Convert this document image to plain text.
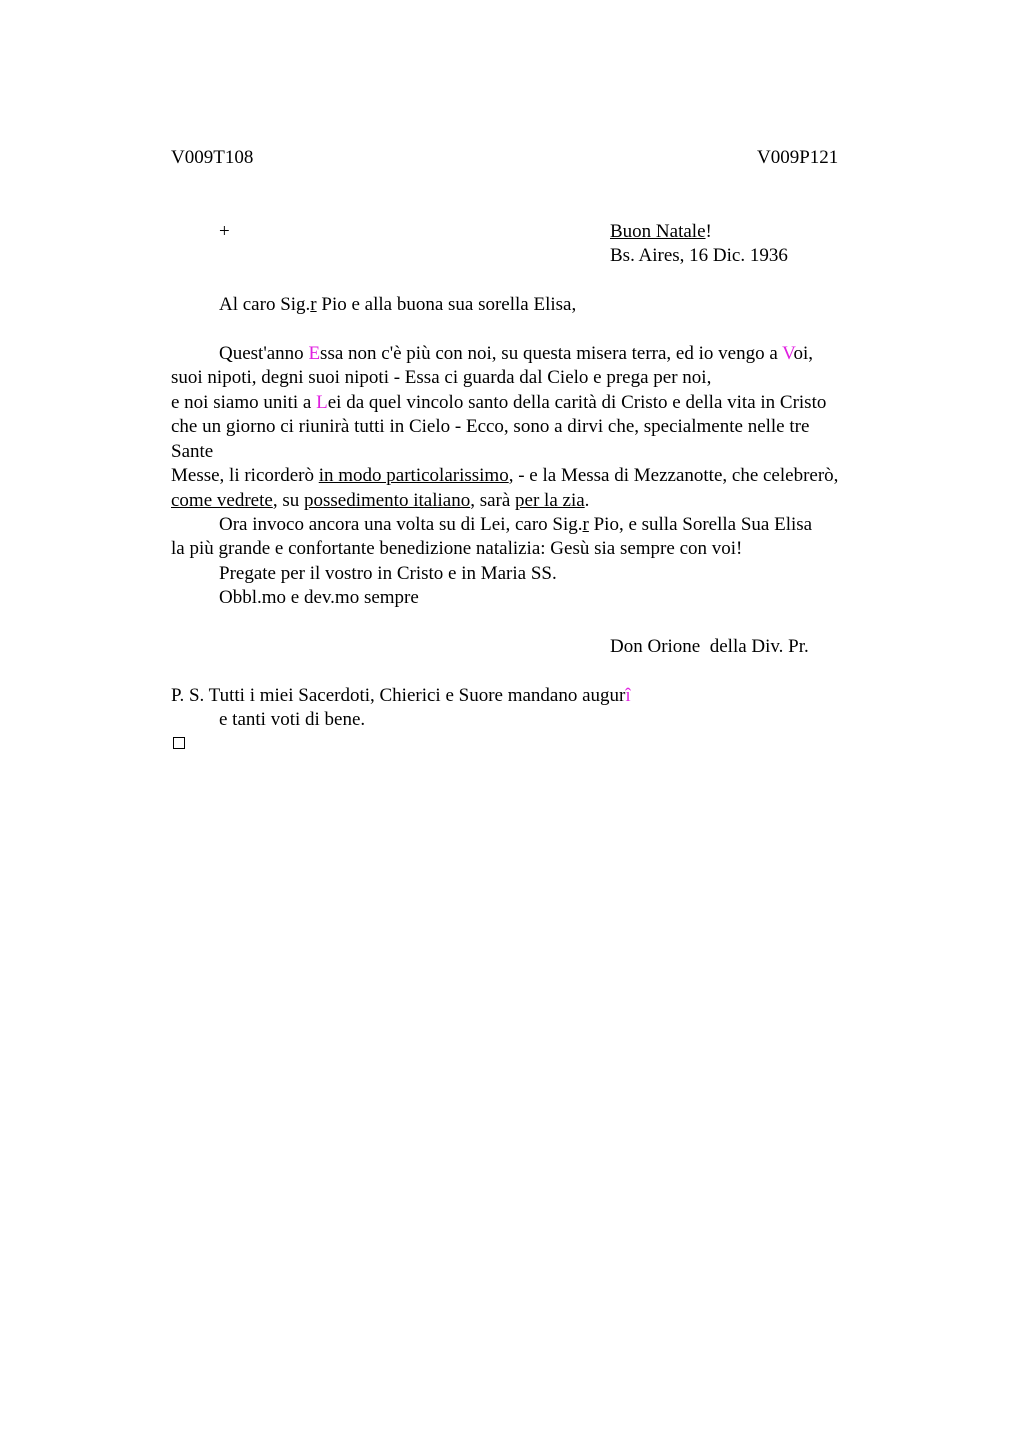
V009T108	V009P121
+	Buon Natale!
Bs. Aires, 16 Dic. 1936
Al caro Sig.r Pio e alla buona sua sorella Elisa,
Quest'anno Essa non c'è più con noi, su questa misera terra, ed io vengo a Voi,
suoi nipoti, degni suoi nipoti - Essa ci guarda dal Cielo e prega per noi,
e noi siamo uniti a Lei da quel vincolo santo della carità di Cristo e della vita in Cristo
che un giorno ci riunirà tutti in Cielo - Ecco, sono a dirvi che, specialmente nelle tre
Sante
Messe, li ricorderò in modo particolarissimo, - e la Messa di Mezzanotte, che celebrerò,
come vedrete, su possedimento italiano, sarà per la zia.
Ora invoco ancora una volta su di Lei, caro Sig.r Pio, e sulla Sorella Sua Elisa
la più grande e confortante benedizione natalizia: Gesù sia sempre con voi!
Pregate per il vostro in Cristo e in Maria SS.
Obbl.mo e dev.mo sempre
Don Orione  della Div. Pr.
P. S. Tutti i miei Sacerdoti, Chierici e Suore mandano augurî
e tanti voti di bene.
